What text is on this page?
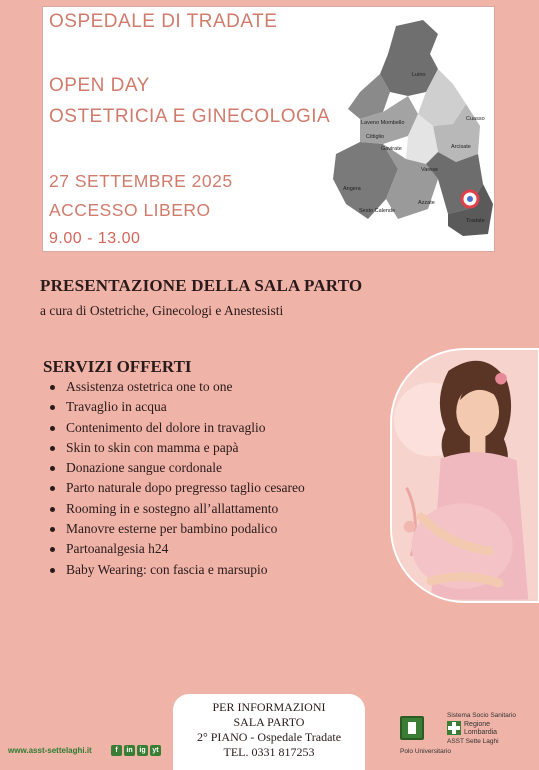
OSPEDALE DI TRADATE
OPEN DAY
OSTETRICIA E GINECOLOGIA
27 SETTEMBRE 2025
ACCESSO LIBERO
9.00 - 13.00
Luino
Laveno Mombello
Cittiglio
Gavirate
Cuasso
Arcisate
Varese
Angera
Azzate
Sesto Calende
Tradate
PRESENTAZIONE DELLA SALA PARTO
a cura di Ostetriche, Ginecologi e Anestesisti
SERVIZI OFFERTI
Assistenza ostetrica one to one
Travaglio in acqua
Contenimento del dolore in travaglio
Skin to skin con mamma e papà
Donazione sangue cordonale
Parto naturale dopo pregresso taglio cesareo
Rooming in e sostegno all’allattamento
Manovre esterne per bambino podalico
Partoanalgesia h24
Baby Wearing: con fascia e marsupio
PER INFORMAZIONI
SALA PARTO
2° PIANO - Ospedale Tradate
TEL. 0331 817253
www.asst-settelaghi.it	f	in ig yt
Sistema Socio Sanitario
Regione
Lombardia
ASST Sette Laghi
Polo Universitario
